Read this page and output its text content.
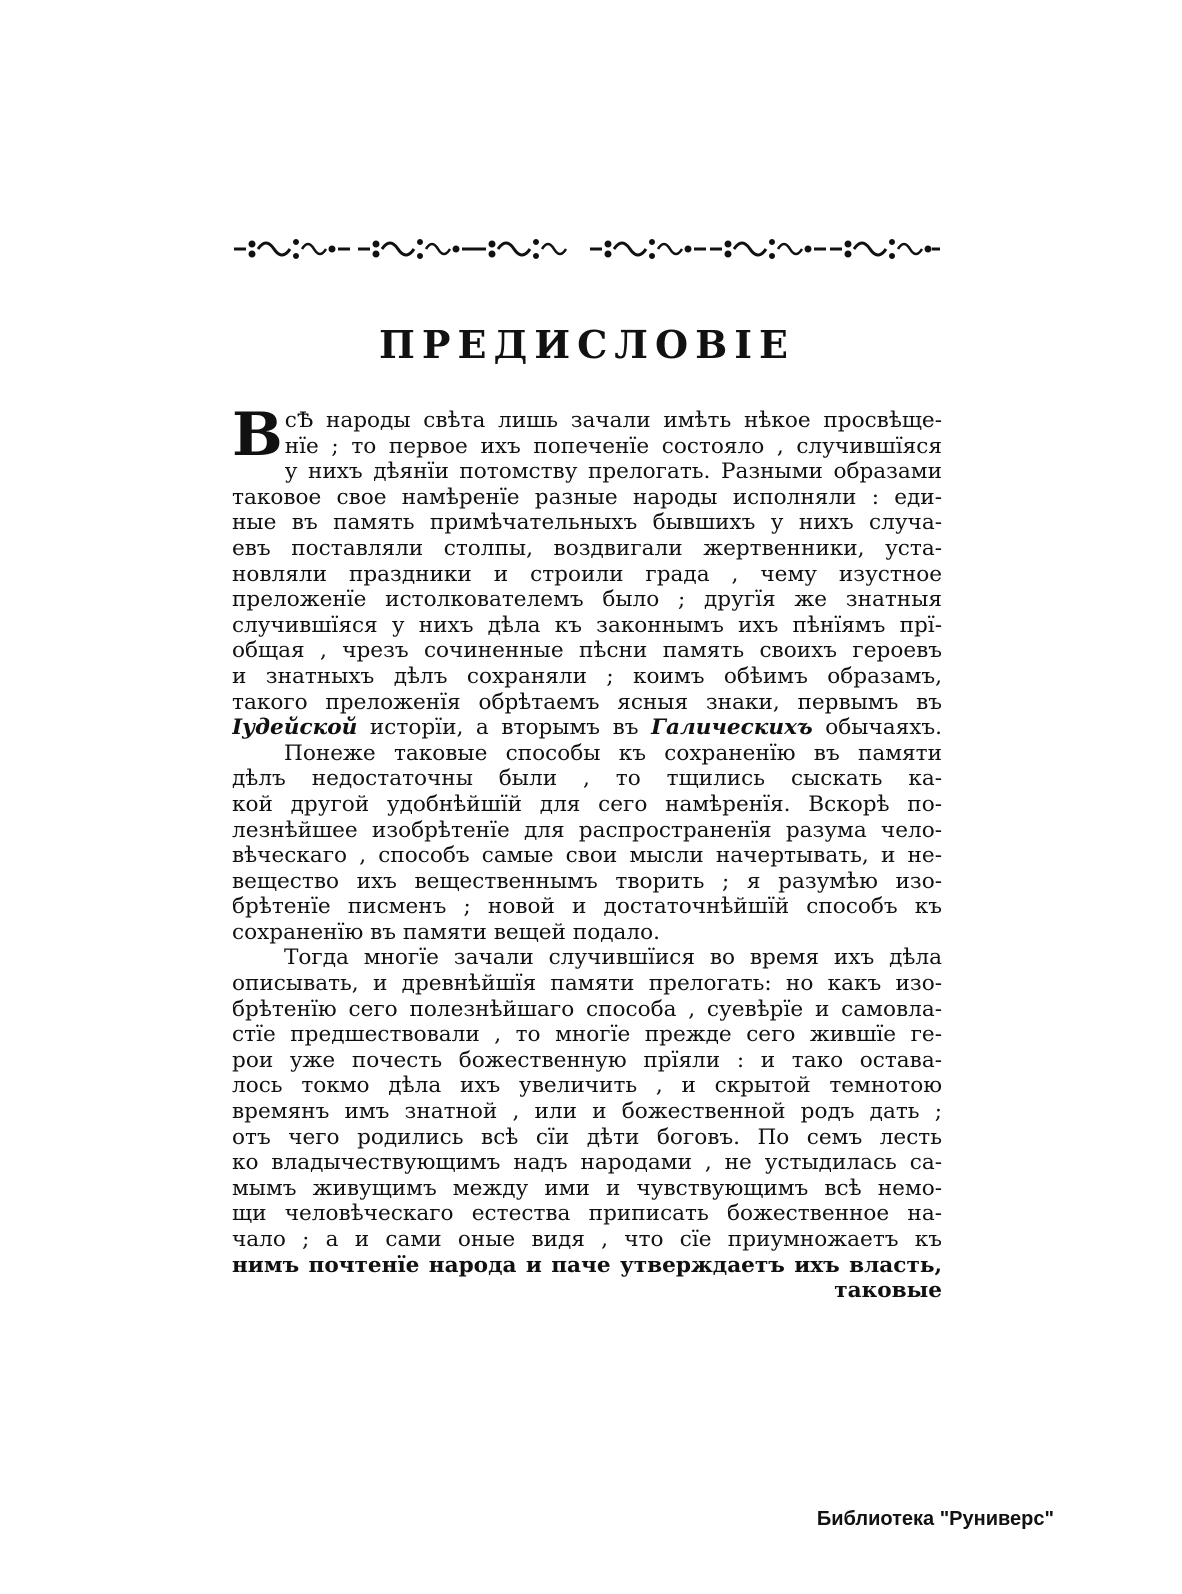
ПРЕДИСЛОВІЕ
B сѢ народы свѣта лишь зачали имѣть нѣкое просвѣще-
нїе ; то первое ихъ попеченїе состояло , случившїяся
у нихъ дѣянїи потомству прелогать. Разными образами
таковое свое намѣренїе разные народы исполняли : еди-
ные въ память примѣчательныхъ бывшихъ у нихъ случа-
евъ поставляли столпы, воздвигали жертвенники, уста-
новляли праздники и строили града , чему изустное
преложенїе истолкователемъ было ; другїя же знатныя
случившїяся у нихъ дѣла къ законнымъ ихъ пѣнїямъ прї-
общая , чрезъ сочиненные пѣсни память своихъ героевъ
и знатныхъ дѣлъ сохраняли ; коимъ обѣимъ образамъ,
такого преложенїя обрѣтаемъ ясныя знаки, первымъ въ
Iудейской исторїи, а вторымъ въ Галическихъ обычаяхъ.
Понеже таковые способы къ сохраненїю въ памяти
дѣлъ недостаточны были , то тщились сыскать ка-
кой другой удобнѣйшїй для сего намѣренїя. Вскорѣ по-
лезнѣйшее изобрѣтенїе для распространенїя разума чело-
вѣческаго , способъ самые свои мысли начертывать, и не-
вещество ихъ вещественнымъ творить ; я разумѣю изо-
брѣтенїе писменъ ; новой и достаточнѣйшїй способъ къ
сохраненїю въ памяти вещей подало.
Тогда многїе зачали случившїися во время ихъ дѣла
описывать, и древнѣйшїя памяти прелогать: но какъ изо-
брѣтенїю сего полезнѣйшаго способа , суевѣрїе и самовла-
стїе предшествовали , то многїе прежде сего жившїе ге-
рои уже почесть божественную прїяли : и тако остава-
лось токмо дѣла ихъ увеличить , и скрытой темнотою
времянъ имъ знатной , или и божественной родъ дать ;
отъ чего родились всѣ сїи дѣти боговъ. По семъ лесть
ко владычествующимъ надъ народами , не устыдилась са-
мымъ живущимъ между ими и чувствующимъ всѣ немо-
щи человѣческаго естества приписать божественное на-
чало ; а и сами оные видя , что сїе приумножаетъ къ
нимъ почтенїе народа и паче утверждаетъ ихъ власть,
таковые
Библиотека "Руниверс"
